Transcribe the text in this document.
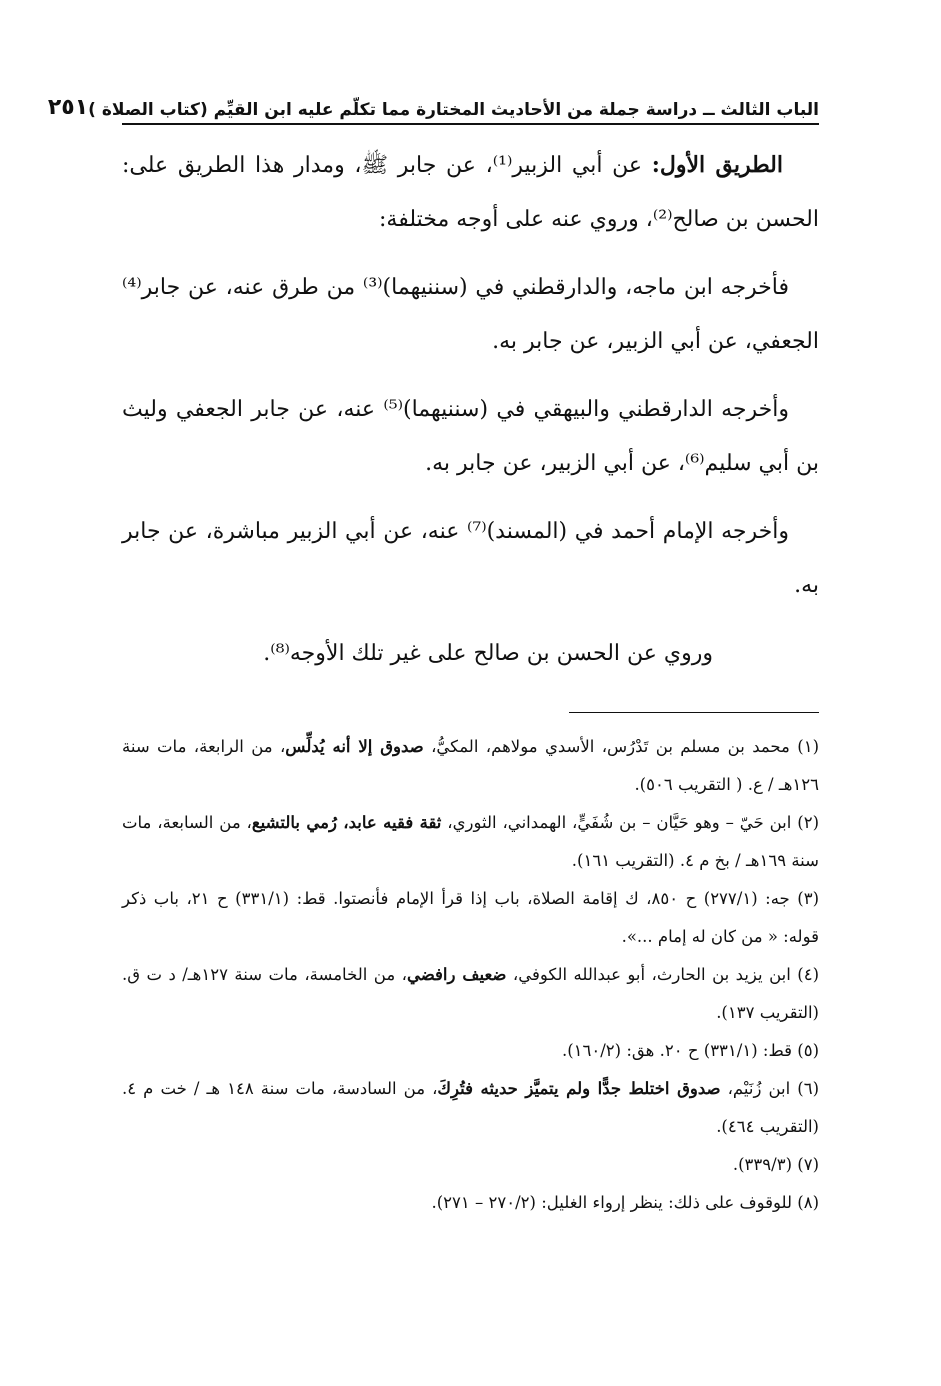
الباب الثالث ــ دراسة جملة من الأحاديث المختارة مما تكلّم عليه ابن القيِّم (كتاب الصلاة )
٢٥١

الطريق الأول: عن أبي الزبير⁽¹⁾، عن جابر ﷺ، ومدار هذا الطريق على: الحسن بن صالح⁽²⁾، وروي عنه على أوجه مختلفة:

فأخرجه ابن ماجه، والدارقطني في (سننيهما)⁽³⁾ من طرق عنه، عن جابر⁽⁴⁾ الجعفي، عن أبي الزبير، عن جابر به.

وأخرجه الدارقطني والبيهقي في (سننيهما)⁽⁵⁾ عنه، عن جابر الجعفي وليث بن أبي سليم⁽⁶⁾، عن أبي الزبير، عن جابر به.

وأخرجه الإمام أحمد في (المسند)⁽⁷⁾ عنه، عن أبي الزبير مباشرة، عن جابر به.

وروي عن الحسن بن صالح على غير تلك الأوجه⁽⁸⁾.

(١) محمد بن مسلم بن تَدْرُس، الأسدي مولاهم، المكيُّ، صدوق إلا أنه يُدلِّس، من الرابعة، مات سنة ١٢٦هـ / ع. ( التقريب ٥٠٦).

(٢) ابن حَيّ – وهو حَيَّان – بن شُفَيٍّ، الهمداني، الثوري، ثقة فقيه عابد، رُمي بالتشيع، من السابعة، مات سنة ١٦٩هـ / بخ م ٤. (التقريب ١٦١).

(٣) جه: (٢٧٧/١) ح ٨٥٠، ك إقامة الصلاة، باب إذا قرأ الإمام فأنصتوا. قط: (٣٣١/١) ح ٢١، باب ذكر قوله: « من كان له إمام ...».

(٤) ابن يزيد بن الحارث، أبو عبدالله الكوفي، ضعيف رافضي، من الخامسة، مات سنة ١٢٧هـ/ د ت ق. (التقريب ١٣٧).

(٥) قط: (٣٣١/١) ح ٢٠. هق: (١٦٠/٢).

(٦) ابن زُنَيْم، صدوق اختلط جدًّا ولم يتميَّز حديثه فتُرِكَ، من السادسة، مات سنة ١٤٨ هـ / خت م ٤. (التقريب ٤٦٤).

(٧) (٣٣٩/٣).

(٨) للوقوف على ذلك: ينظر إرواء الغليل: (٢٧٠/٢ – ٢٧١).
